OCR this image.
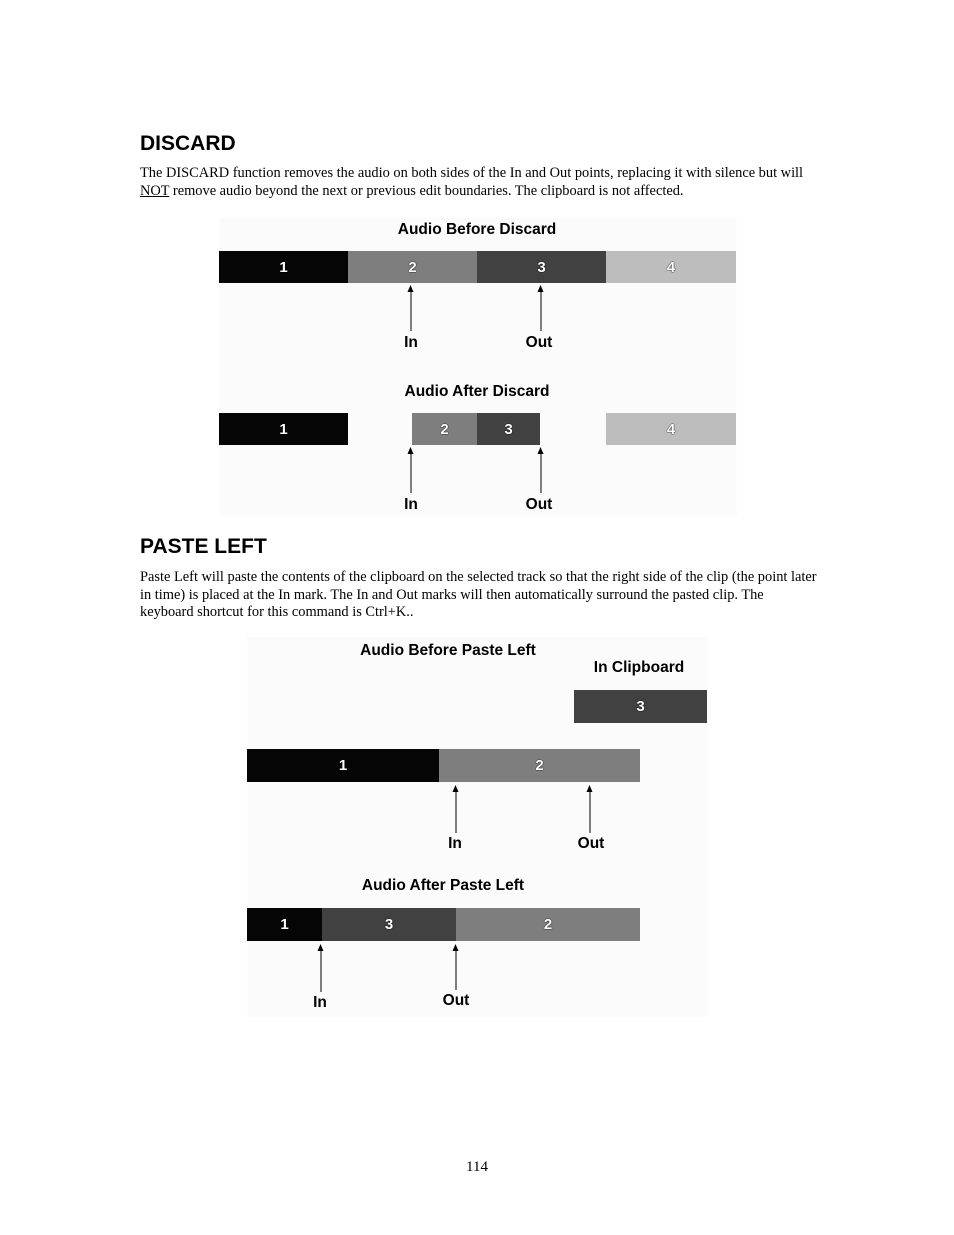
DISCARD

The DISCARD function removes the audio on both sides of the In and Out points, replacing it with silence but will NOT remove audio beyond the next or previous edit boundaries. The clipboard is not affected.

Audio Before Discard
1	2	3	4
In	Out
Audio After Discard
1	2	3	4
In	Out
PASTE LEFT

Paste Left will paste the contents of the clipboard on the selected track so that the right side of the clip (the point later in time) is placed at the In mark. The In and Out marks will then automatically surround the pasted clip. The keyboard shortcut for this command is Ctrl+K..

Audio Before Paste Left
In Clipboard
3
1	2
In	Out
Audio After Paste Left
1	3	2
In	Out
114
